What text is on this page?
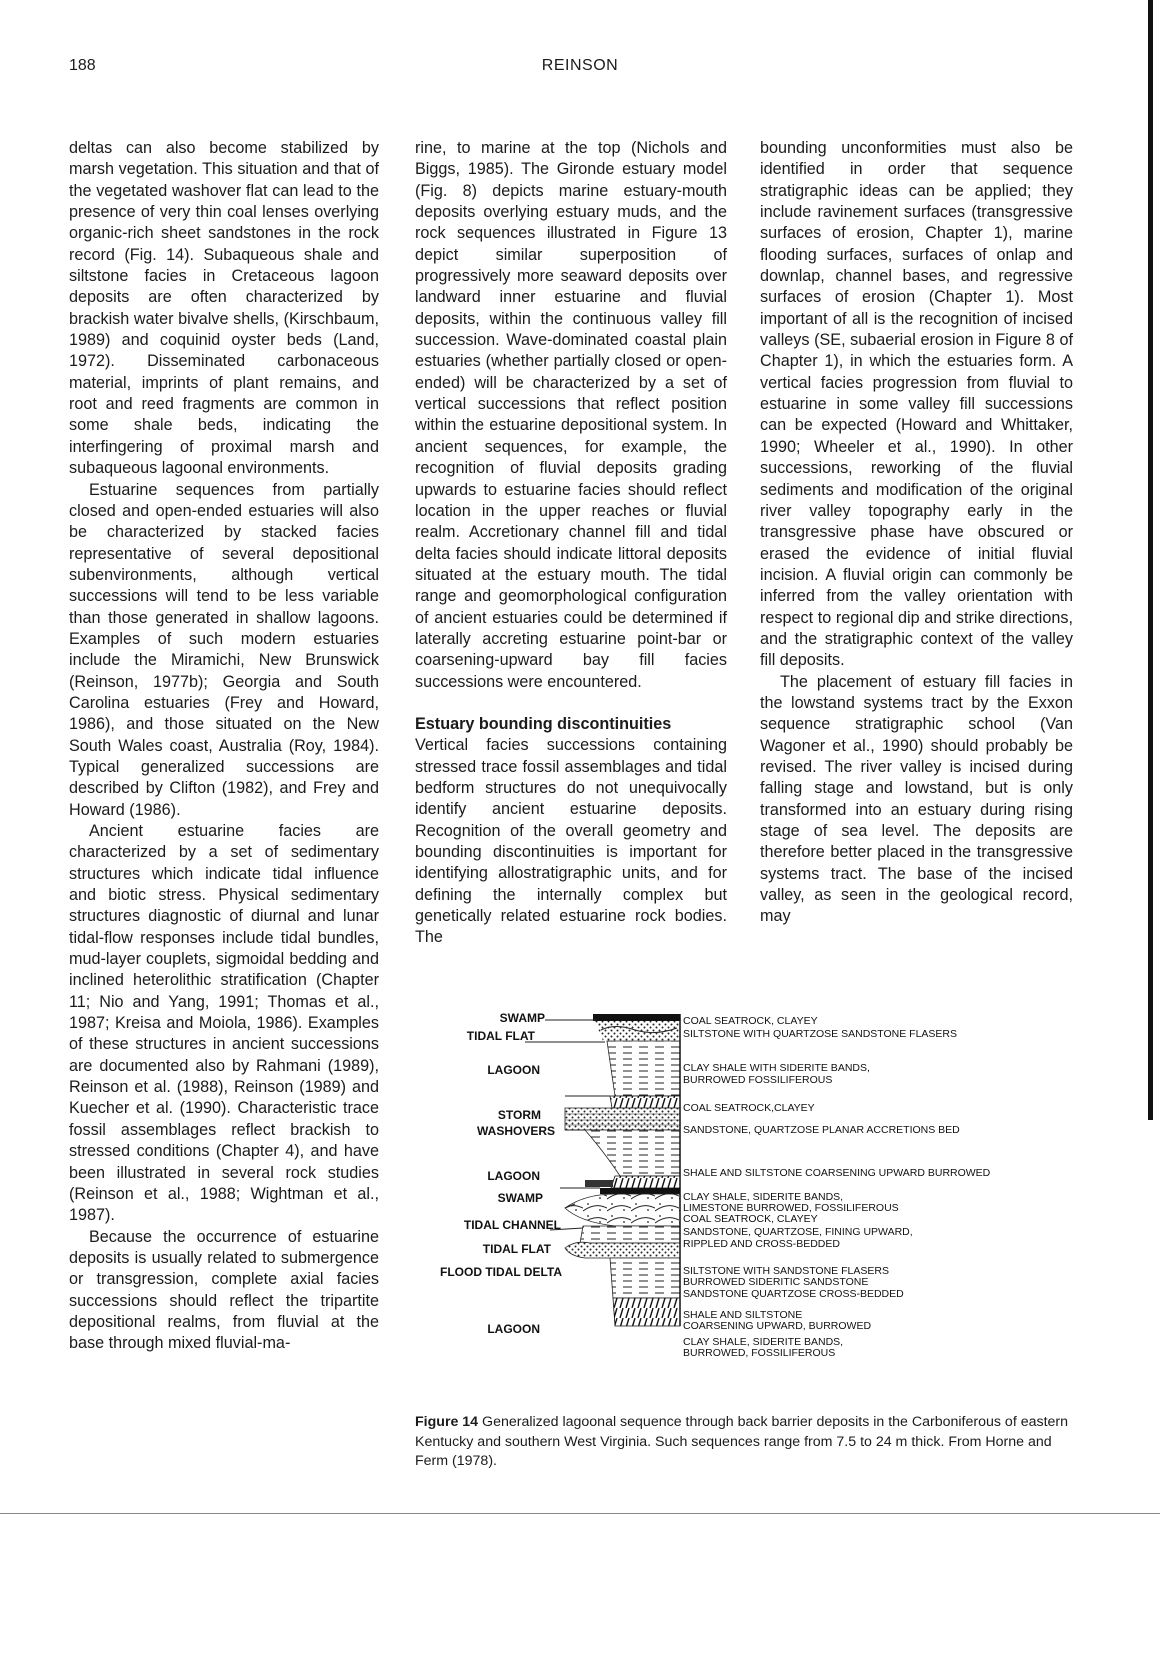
188	REINSON

deltas can also become stabilized by marsh vegetation. This situation and that of the vegetated washover flat can lead to the presence of very thin coal lenses overlying organic-rich sheet sandstones in the rock record (Fig. 14). Subaqueous shale and siltstone facies in Cretaceous lagoon deposits are often characterized by brackish water bivalve shells, (Kirschbaum, 1989) and coquinid oyster beds (Land, 1972). Disseminated carbonaceous material, imprints of plant remains, and root and reed fragments are common in some shale beds, indicating the interfingering of proximal marsh and subaqueous lagoonal environments.

Estuarine sequences from partially closed and open-ended estuaries will also be characterized by stacked facies representative of several depositional subenvironments, although vertical successions will tend to be less variable than those generated in shallow lagoons. Examples of such modern estuaries include the Miramichi, New Brunswick (Reinson, 1977b); Georgia and South Carolina estuaries (Frey and Howard, 1986), and those situated on the New South Wales coast, Australia (Roy, 1984). Typical generalized successions are described by Clifton (1982), and Frey and Howard (1986).

Ancient estuarine facies are characterized by a set of sedimentary structures which indicate tidal influence and biotic stress. Physical sedimentary structures diagnostic of diurnal and lunar tidal-flow responses include tidal bundles, mud-layer couplets, sigmoidal bedding and inclined heterolithic stratification (Chapter 11; Nio and Yang, 1991; Thomas et al., 1987; Kreisa and Moiola, 1986). Examples of these structures in ancient successions are documented also by Rahmani (1989), Reinson et al. (1988), Reinson (1989) and Kuecher et al. (1990). Characteristic trace fossil assemblages reflect brackish to stressed conditions (Chapter 4), and have been illustrated in several rock studies (Reinson et al., 1988; Wightman et al., 1987).

Because the occurrence of estuarine deposits is usually related to submergence or transgression, complete axial facies successions should reflect the tripartite depositional realms, from fluvial at the base through mixed fluvial-ma-

rine, to marine at the top (Nichols and Biggs, 1985). The Gironde estuary model (Fig. 8) depicts marine estuary-mouth deposits overlying estuary muds, and the rock sequences illustrated in Figure 13 depict similar superposition of progressively more seaward deposits over landward inner estuarine and fluvial deposits, within the continuous valley fill succession. Wave-dominated coastal plain estuaries (whether partially closed or open-ended) will be characterized by a set of vertical successions that reflect position within the estuarine depositional system. In ancient sequences, for example, the recognition of fluvial deposits grading upwards to estuarine facies should reflect location in the upper reaches or fluvial realm. Accretionary channel fill and tidal delta facies should indicate littoral deposits situated at the estuary mouth. The tidal range and geomorphological configuration of ancient estuaries could be determined if laterally accreting estuarine point-bar or coarsening-upward bay fill facies successions were encountered.

Estuary bounding discontinuities

Vertical facies successions containing stressed trace fossil assemblages and tidal bedform structures do not unequivocally identify ancient estuarine deposits. Recognition of the overall geometry and bounding discontinuities is important for identifying allostratigraphic units, and for defining the internally complex but genetically related estuarine rock bodies. The

bounding unconformities must also be identified in order that sequence stratigraphic ideas can be applied; they include ravinement surfaces (transgressive surfaces of erosion, Chapter 1), marine flooding surfaces, surfaces of onlap and downlap, channel bases, and regressive surfaces of erosion (Chapter 1). Most important of all is the recognition of incised valleys (SE, subaerial erosion in Figure 8 of Chapter 1), in which the estuaries form. A vertical facies progression from fluvial to estuarine in some valley fill successions can be expected (Howard and Whittaker, 1990; Wheeler et al., 1990). In other successions, reworking of the fluvial sediments and modification of the original river valley topography early in the transgressive phase have obscured or erased the evidence of initial fluvial incision. A fluvial origin can commonly be inferred from the valley orientation with respect to regional dip and strike directions, and the stratigraphic context of the valley fill deposits.

The placement of estuary fill facies in the lowstand systems tract by the Exxon sequence stratigraphic school (Van Wagoner et al., 1990) should probably be revised. The river valley is incised during falling stage and lowstand, but is only transformed into an estuary during rising stage of sea level. The deposits are therefore better placed in the transgressive systems tract. The base of the incised valley, as seen in the geological record, may

SWAMP
TIDAL FLAT
LAGOON
STORM
WASHOVERS
LAGOON
SWAMP
TIDAL CHANNEL
TIDAL FLAT
FLOOD TIDAL DELTA
LAGOON
COAL SEATROCK, CLAYEY
SILTSTONE WITH QUARTZOSE SANDSTONE FLASERS
CLAY SHALE WITH SIDERITE BANDS,
BURROWED FOSSILIFEROUS
COAL SEATROCK,CLAYEY
SANDSTONE, QUARTZOSE PLANAR ACCRETIONS BED
SHALE AND SILTSTONE COARSENING UPWARD BURROWED
CLAY SHALE, SIDERITE BANDS,
LIMESTONE BURROWED, FOSSILIFEROUS
COAL SEATROCK, CLAYEY
SANDSTONE, QUARTZOSE, FINING UPWARD,
RIPPLED AND CROSS-BEDDED
SILTSTONE WITH SANDSTONE FLASERS
BURROWED SIDERITIC SANDSTONE
SANDSTONE QUARTZOSE CROSS-BEDDED
SHALE AND SILTSTONE
COARSENING UPWARD, BURROWED
CLAY SHALE, SIDERITE BANDS,
BURROWED, FOSSILIFEROUS
Figure 14 Generalized lagoonal sequence through back barrier deposits in the Carboniferous of eastern Kentucky and southern West Virginia. Such sequences range from 7.5 to 24 m thick. From Horne and Ferm (1978).
